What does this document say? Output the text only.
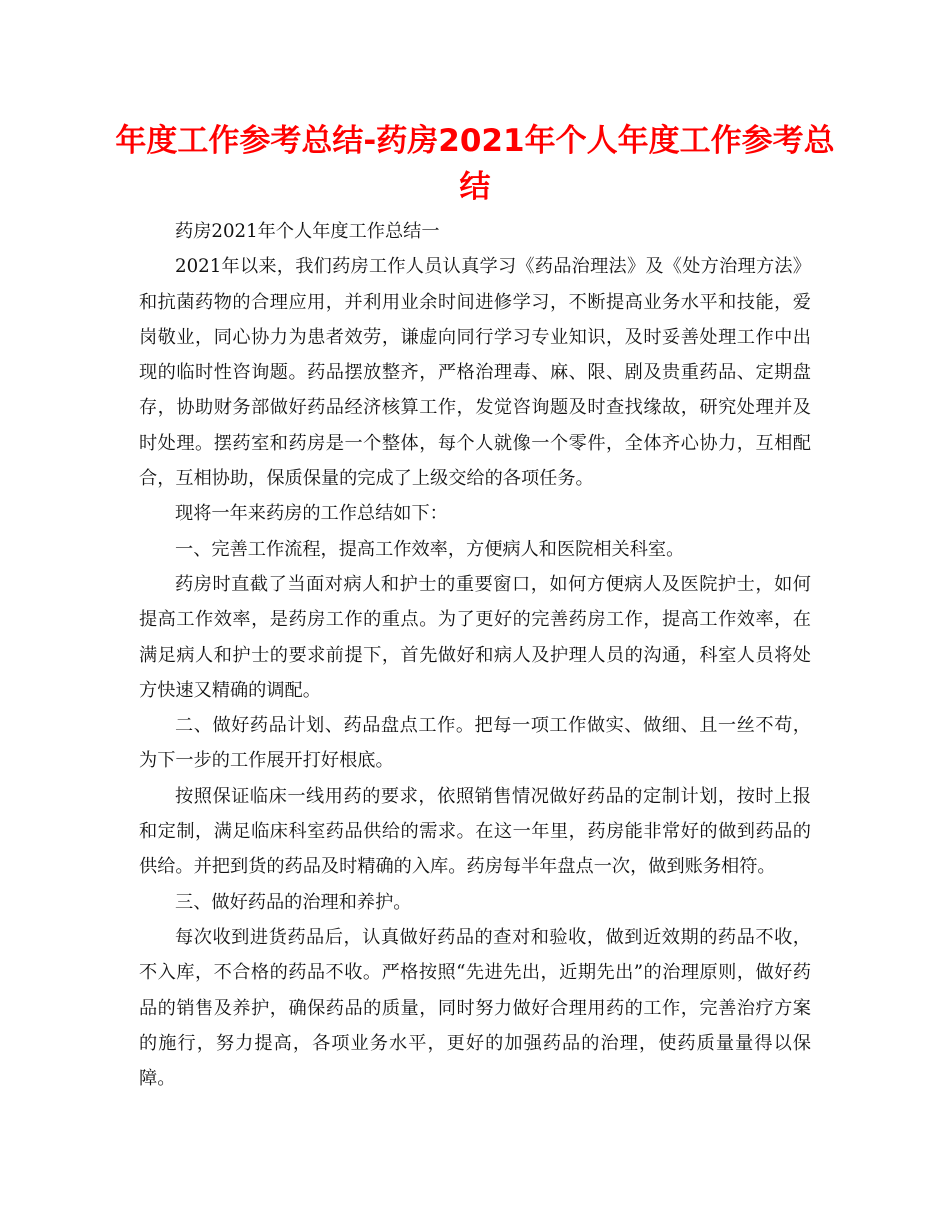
年度工作参考总结-药房2021年个人年度工作参考总结

药房2021年个人年度工作总结一

2021年以来，我们药房工作人员认真学习《药品治理法》及《处方治理方法》和抗菌药物的合理应用，并利用业余时间进修学习，不断提高业务水平和技能，爱岗敬业，同心协力为患者效劳，谦虚向同行学习专业知识，及时妥善处理工作中出现的临时性咨询题。药品摆放整齐，严格治理毒、麻、限、剧及贵重药品、定期盘存，协助财务部做好药品经济核算工作，发觉咨询题及时查找缘故，研究处理并及时处理。摆药室和药房是一个整体，每个人就像一个零件，全体齐心协力，互相配合，互相协助，保质保量的完成了上级交给的各项任务。

现将一年来药房的工作总结如下：

一、完善工作流程，提高工作效率，方便病人和医院相关科室。

药房时直截了当面对病人和护士的重要窗口，如何方便病人及医院护士，如何提高工作效率，是药房工作的重点。为了更好的完善药房工作，提高工作效率，在满足病人和护士的要求前提下，首先做好和病人及护理人员的沟通，科室人员将处方快速又精确的调配。

二、做好药品计划、药品盘点工作。把每一项工作做实、做细、且一丝不苟，为下一步的工作展开打好根底。

按照保证临床一线用药的要求，依照销售情况做好药品的定制计划，按时上报和定制，满足临床科室药品供给的需求。在这一年里，药房能非常好的做到药品的供给。并把到货的药品及时精确的入库。药房每半年盘点一次，做到账务相符。

三、做好药品的治理和养护。

每次收到进货药品后，认真做好药品的查对和验收，做到近效期的药品不收，不入库，不合格的药品不收。严格按照“先进先出，近期先出”的治理原则，做好药品的销售及养护，确保药品的质量，同时努力做好合理用药的工作，完善治疗方案的施行，努力提高，各项业务水平，更好的加强药品的治理，使药质量量得以保障。
